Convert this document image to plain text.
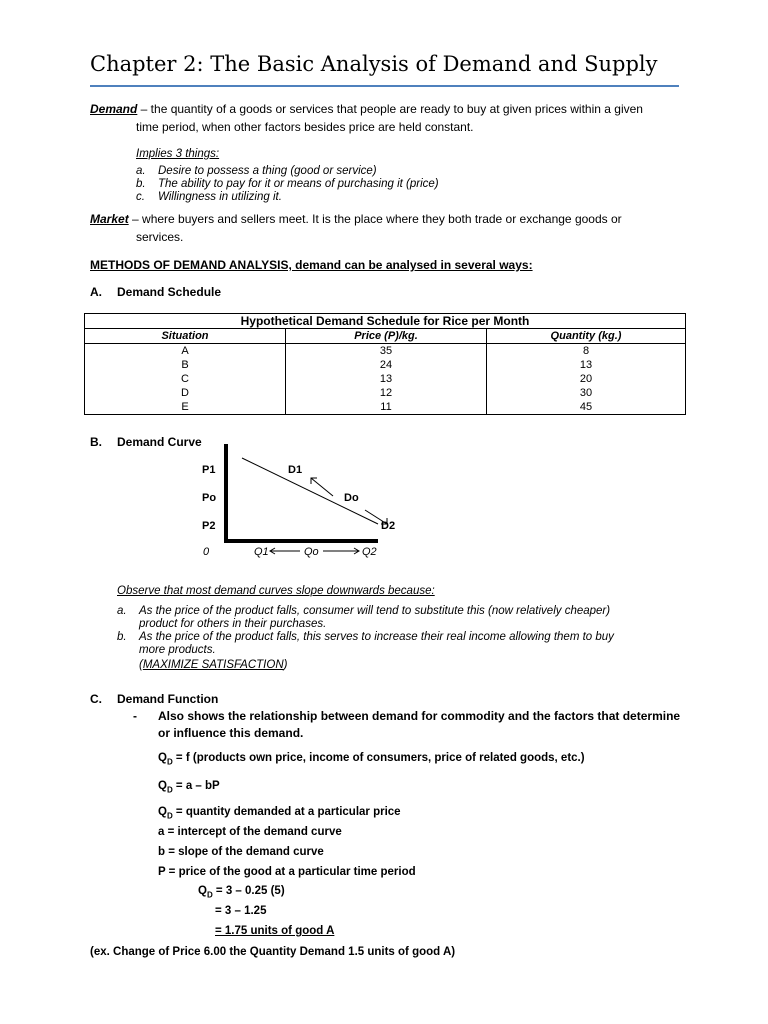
Chapter 2: The Basic Analysis of Demand and Supply
Demand – the quantity of a goods or services that people are ready to buy at given prices within a given
time period, when other factors besides price are held constant.
Implies 3 things:
a. Desire to possess a thing (good or service)
b. The ability to pay for it or means of purchasing it (price)
c. Willingness in utilizing it.
Market – where buyers and sellers meet. It is the place where they both trade or exchange goods or
services.
METHODS OF DEMAND ANALYSIS, demand can be analysed in several ways:
A. Demand Schedule
Hypothetical Demand Schedule for Rice per Month		
Situation	Price (P)/kg.	Quantity (kg.)
A	35	8
B	24	13
C	13	20
D	12	30
E	11	45
B. Demand Curve
P1
Po
P2
0
D1
Do
D2
Q1	Qo	Q2
Observe that most demand curves slope downwards because:
a. As the price of the product falls, consumer will tend to substitute this (now relatively cheaper)
product for others in their purchases.
b. As the price of the product falls, this serves to increase their real income allowing them to buy
more products.
(MAXIMIZE SATISFACTION)
C. Demand Function
-	Also shows the relationship between demand for commodity and the factors that determine
or influence this demand.
$Q_D = f$ (products own price, income of consumers, price of related goods, etc.)
$Q_D = a$ – bP
$Q_D$ = quantity demanded at a particular price
a = intercept of the demand curve
b = slope of the demand curve
P = price of the good at a particular time period
$Q_D = 3 - 0.25$ (5)
= 3 – 1.25
= 1.75 units of good A
(ex. Change of Price 6.00 the Quantity Demand 1.5 units of good A)
